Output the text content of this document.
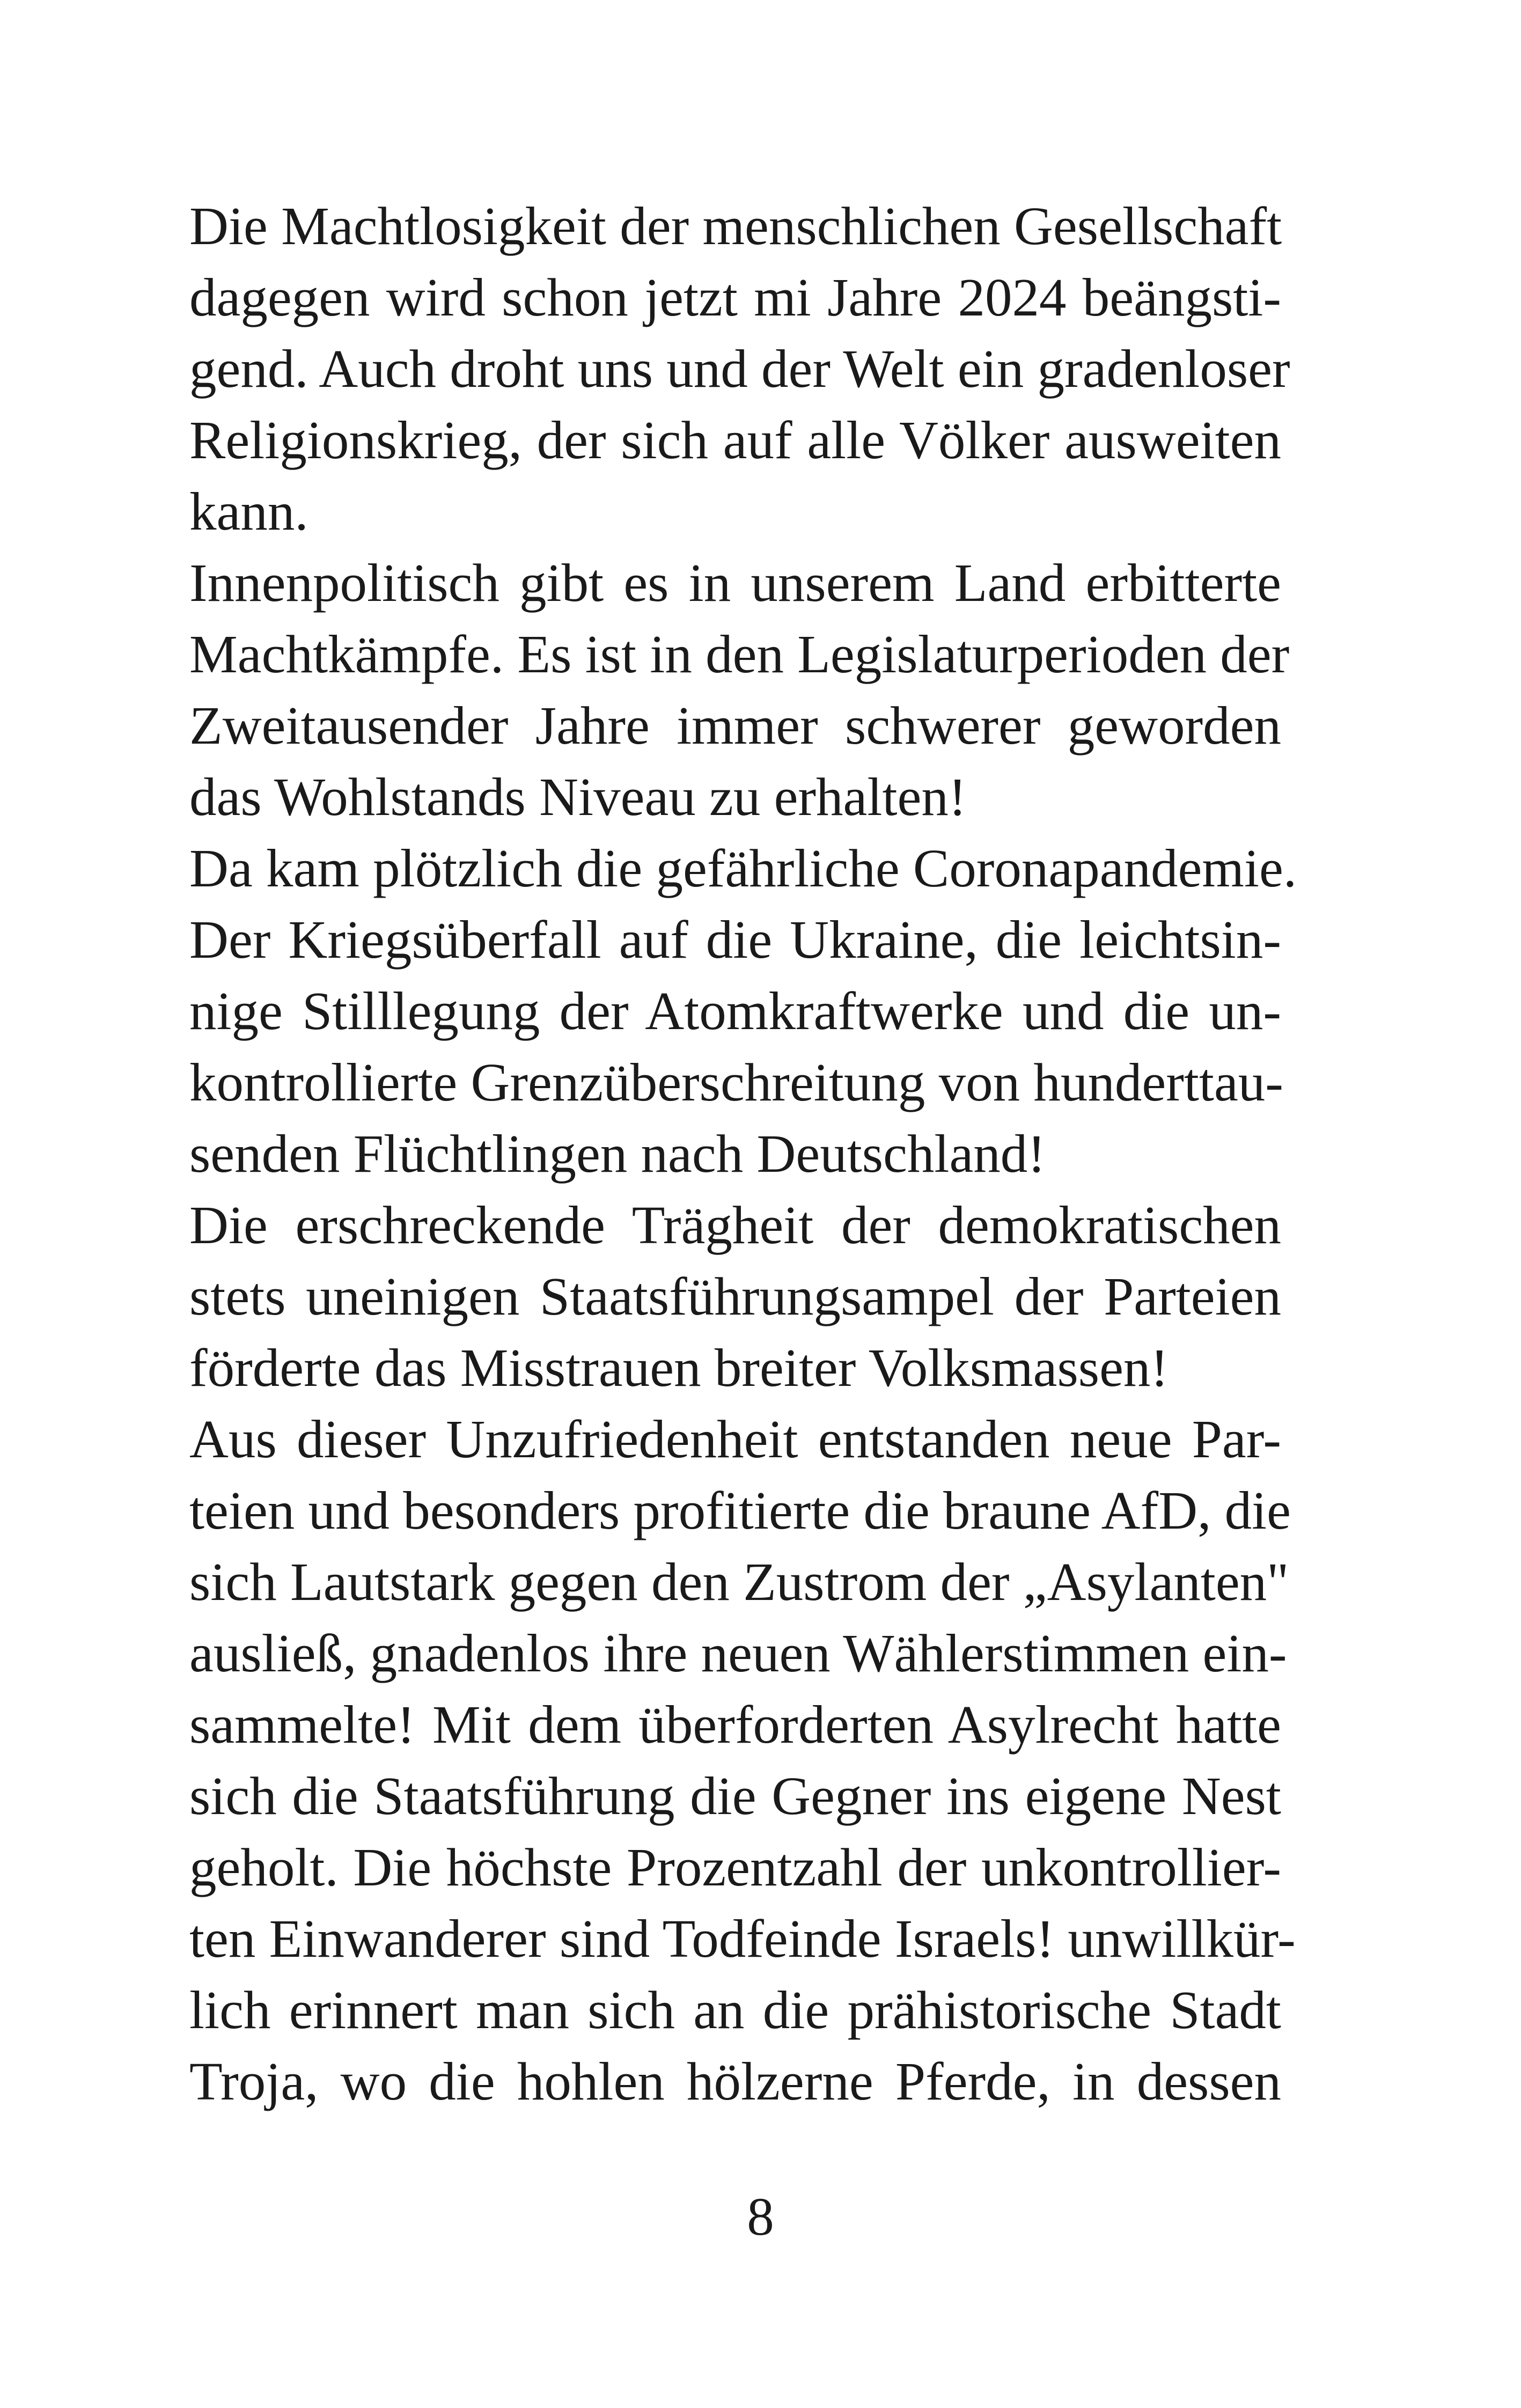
Die Machtlosigkeit der menschlichen Gesellschaft
dagegen wird schon jetzt mi Jahre 2024 beängsti-
gend. Auch droht uns und der Welt ein gradenloser
Religionskrieg, der sich auf alle Völker ausweiten
kann.
Innenpolitisch gibt es in unserem Land erbitterte
Machtkämpfe. Es ist in den Legislaturperioden der
Zweitausender Jahre immer schwerer geworden
das Wohlstands Niveau zu erhalten!
Da kam plötzlich die gefährliche Coronapandemie.
Der Kriegsüberfall auf die Ukraine, die leichtsin-
nige Stilllegung der Atomkraftwerke und die un-
kontrollierte Grenzüberschreitung von hunderttau-
senden Flüchtlingen nach Deutschland!
Die erschreckende Trägheit der demokratischen
stets uneinigen Staatsführungsampel der Parteien
förderte das Misstrauen breiter Volksmassen!
Aus dieser Unzufriedenheit entstanden neue Par-
teien und besonders profitierte die braune AfD, die
sich Lautstark gegen den Zustrom der „Asylanten"
ausließ, gnadenlos ihre neuen Wählerstimmen ein-
sammelte! Mit dem überforderten Asylrecht hatte
sich die Staatsführung die Gegner ins eigene Nest
geholt. Die höchste Prozentzahl der unkontrollier-
ten Einwanderer sind Todfeinde Israels! unwillkür-
lich erinnert man sich an die prähistorische Stadt
Troja, wo die hohlen hölzerne Pferde, in dessen
8
